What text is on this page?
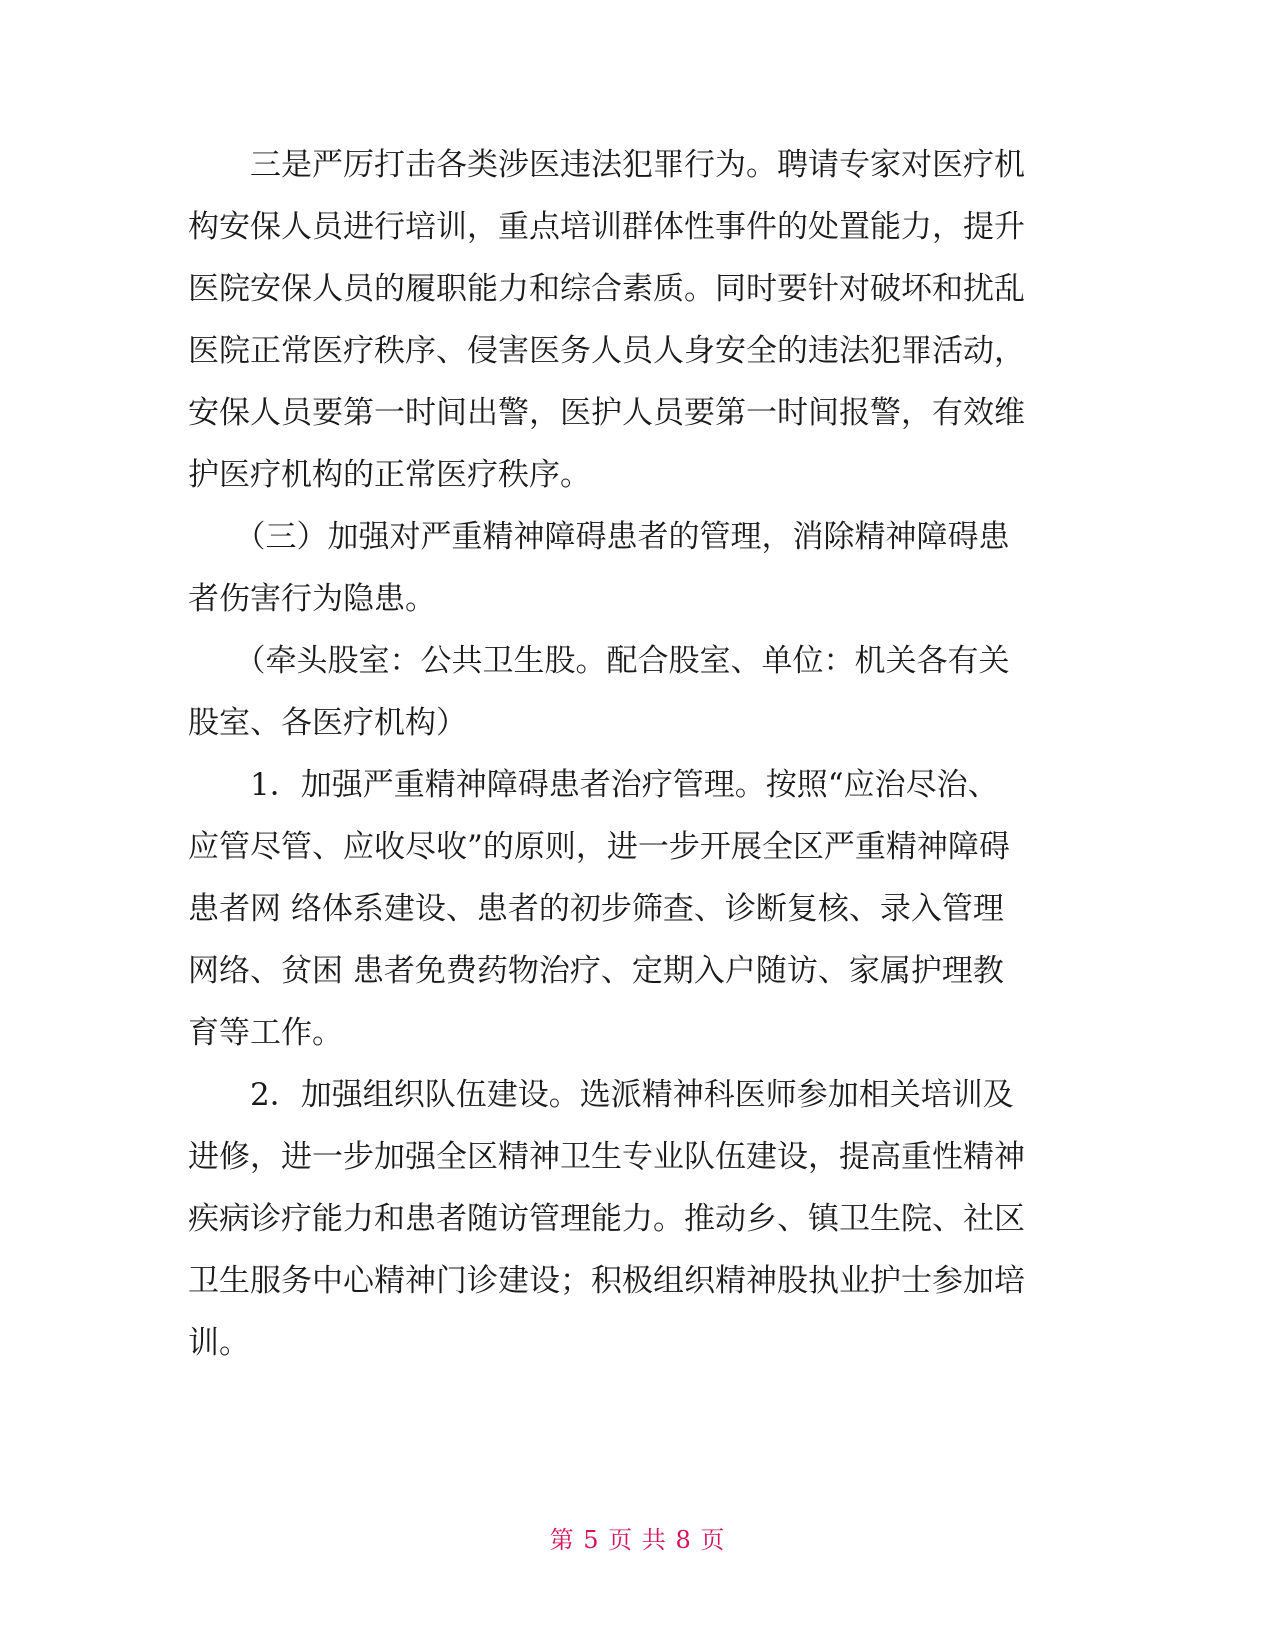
　　三是严厉打击各类涉医违法犯罪行为。聘请专家对医疗机
构安保人员进行培训，重点培训群体性事件的处置能力，提升
医院安保人员的履职能力和综合素质。同时要针对破坏和扰乱
医院正常医疗秩序、侵害医务人员人身安全的违法犯罪活动，
安保人员要第一时间出警，医护人员要第一时间报警，有效维
护医疗机构的正常医疗秩序。
　　（三）加强对严重精神障碍患者的管理，消除精神障碍患
者伤害行为隐患。
　　（牵头股室：公共卫生股。配合股室、单位：机关各有关
股室、各医疗机构）
　　1．加强严重精神障碍患者治疗管理。按照“应治尽治、
应管尽管、应收尽收”的原则，进一步开展全区严重精神障碍
患者网 络体系建设、患者的初步筛查、诊断复核、录入管理
网络、贫困 患者免费药物治疗、定期入户随访、家属护理教
育等工作。
　　2．加强组织队伍建设。选派精神科医师参加相关培训及
进修，进一步加强全区精神卫生专业队伍建设，提高重性精神
疾病诊疗能力和患者随访管理能力。推动乡、镇卫生院、社区
卫生服务中心精神门诊建设；积极组织精神股执业护士参加培
训。
第 5 页 共 8 页
